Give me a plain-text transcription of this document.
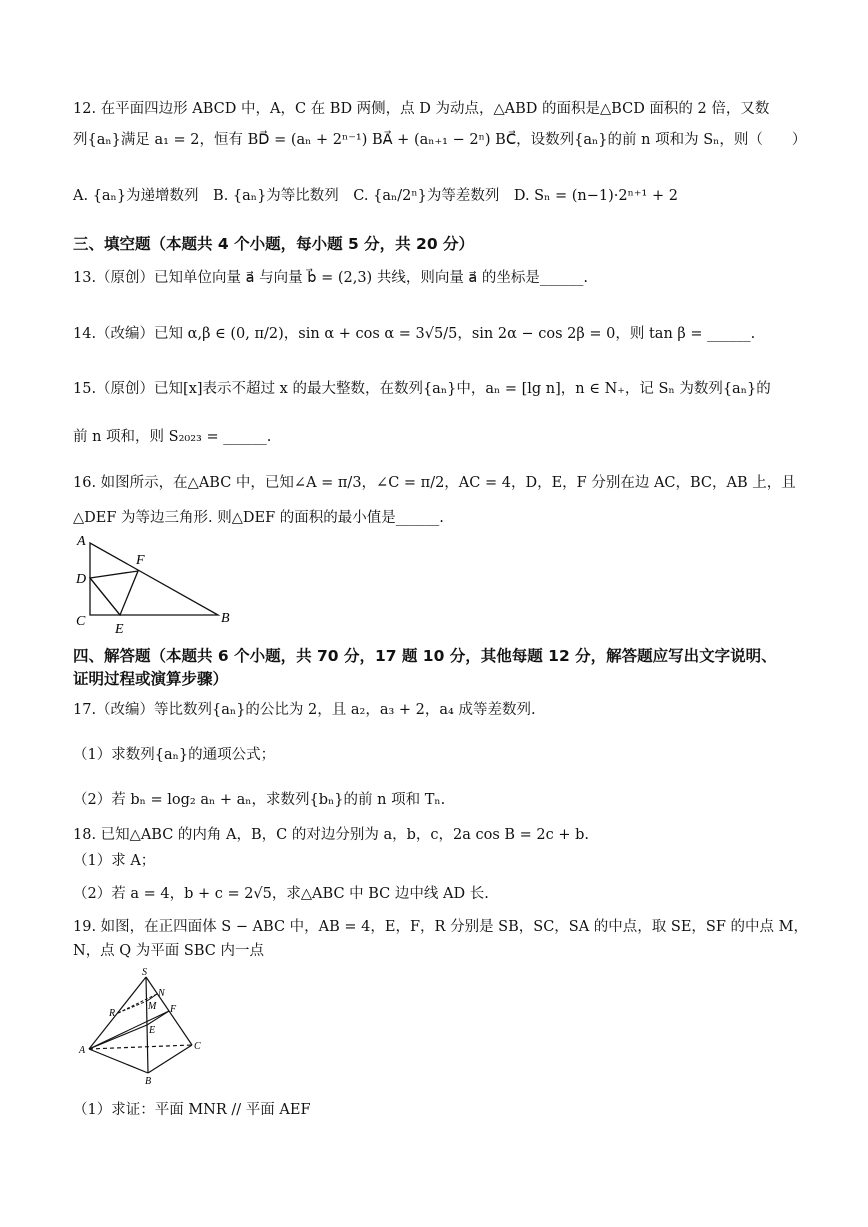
12. 在平面四边形 ABCD 中，A，C 在 BD 两侧，点 D 为动点，△ABD 的面积是△BCD 面积的 2 倍，又数
列{aₙ}满足 a₁ = 2，恒有 BD⃗ = (aₙ + 2ⁿ⁻¹) BA⃗ + (aₙ₊₁ − 2ⁿ) BC⃗，设数列{aₙ}的前 n 项和为 Sₙ，则（　　）
A. {aₙ}为递增数列　B. {aₙ}为等比数列　C. {aₙ/2ⁿ}为等差数列　D. Sₙ = (n−1)·2ⁿ⁺¹ + 2
三、填空题（本题共 4 个小题，每小题 5 分，共 20 分）
13.（原创）已知单位向量 a⃗ 与向量 b⃗ = (2,3) 共线，则向量 a⃗ 的坐标是______.
14.（改编）已知 α,β ∈ (0, π/2)，sin α + cos α = 3√5/5，sin 2α − cos 2β = 0，则 tan β = ______.
15.（原创）已知[x]表示不超过 x 的最大整数，在数列{aₙ}中，aₙ = [lg n]，n ∈ N₊，记 Sₙ 为数列{aₙ}的
前 n 项和，则 S₂₀₂₃ = ______.
16. 如图所示，在△ABC 中，已知∠A = π/3，∠C = π/2，AC = 4，D，E，F 分别在边 AC，BC，AB 上，且
△DEF 为等边三角形. 则△DEF 的面积的最小值是______.
A
D
C
F
E
B
四、解答题（本题共 6 个小题，共 70 分，17 题 10 分，其他每题 12 分，解答题应写出文字说明、
证明过程或演算步骤）
17.（改编）等比数列{aₙ}的公比为 2，且 a₂，a₃ + 2，a₄ 成等差数列.
（1）求数列{aₙ}的通项公式；
（2）若 bₙ = log₂ aₙ + aₙ，求数列{bₙ}的前 n 项和 Tₙ.
18. 已知△ABC 的内角 A，B，C 的对边分别为 a，b，c，2a cos B = 2c + b.
（1）求 A；
（2）若 a = 4，b + c = 2√5，求△ABC 中 BC 边中线 AD 长.
19. 如图，在正四面体 S − ABC 中，AB = 4，E，F，R 分别是 SB，SC，SA 的中点，取 SE，SF 的中点 M，
N，点 Q 为平面 SBC 内一点
S
N
M F
R
E
A	C
B
（1）求证：平面 MNR // 平面 AEF
